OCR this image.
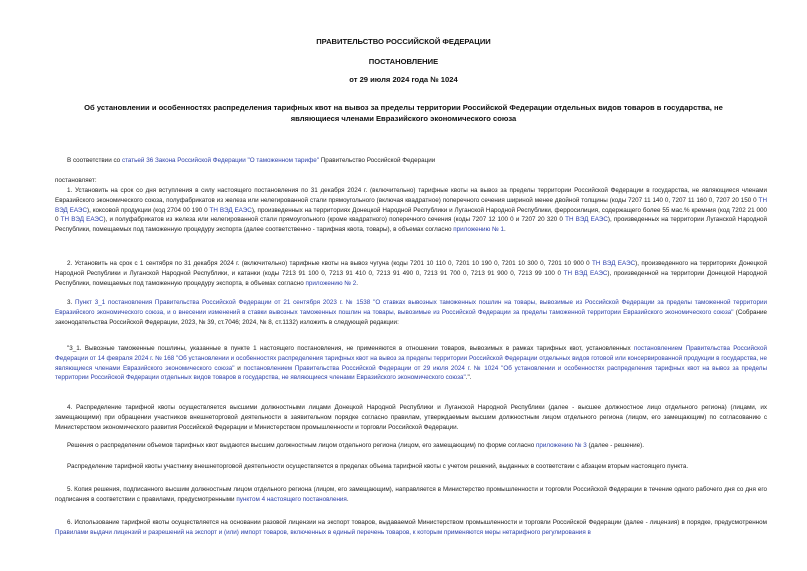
ПРАВИТЕЛЬСТВО РОССИЙСКОЙ ФЕДЕРАЦИИ
ПОСТАНОВЛЕНИЕ
от 29 июля 2024 года № 1024
Об установлении и особенностях распределения тарифных квот на вывоз за пределы территории Российской Федерации отдельных видов товаров в государства, не являющиеся членами Евразийского экономического союза
В соответствии со статьей 36 Закона Российской Федерации "О таможенном тарифе" Правительство Российской Федерации
постановляет:
1. Установить на срок со дня вступления в силу настоящего постановления по 31 декабря 2024 г. (включительно) тарифные квоты на вывоз за пределы территории Российской Федерации в государства, не являющиеся членами Евразийского экономического союза, полуфабрикатов из железа или нелегированной стали прямоугольного (включая квадратное) поперечного сечения шириной менее двойной толщины (коды 7207 11 140 0, 7207 11 160 0, 7207 20 150 0 ТН ВЭД ЕАЭС), коксовой продукции (код 2704 00 190 0 ТН ВЭД ЕАЭС), произведенных на территориях Донецкой Народной Республики и Луганской Народной Республики, ферросилиция, содержащего более 55 мас.% кремния (код 7202 21 000 0 ТН ВЭД ЕАЭС), и полуфабрикатов из железа или нелегированной стали прямоугольного (кроме квадратного) поперечного сечения (коды 7207 12 100 0 и 7207 20 320 0 ТН ВЭД ЕАЭС), произведенных на территории Луганской Народной Республики, помещаемых под таможенную процедуру экспорта (далее соответственно - тарифная квота, товары), в объемах согласно приложению № 1.
2. Установить на срок с 1 сентября по 31 декабря 2024 г. (включительно) тарифные квоты на вывоз чугуна (коды 7201 10 110 0, 7201 10 190 0, 7201 10 300 0, 7201 10 900 0 ТН ВЭД ЕАЭС), произведенного на территориях Донецкой Народной Республики и Луганской Народной Республики, и катанки (коды 7213 91 100 0, 7213 91 410 0, 7213 91 490 0, 7213 91 700 0, 7213 91 900 0, 7213 99 100 0 ТН ВЭД ЕАЭС), произведенной на территории Донецкой Народной Республики, помещаемых под таможенную процедуру экспорта, в объемах согласно приложению № 2.
3. Пункт 3_1 постановления Правительства Российской Федерации от 21 сентября 2023 г. № 1538 "О ставках вывозных таможенных пошлин на товары, вывозимые из Российской Федерации за пределы таможенной территории Евразийского экономического союза, и о внесении изменений в ставки вывозных таможенных пошлин на товары, вывозимые из Российской Федерации за пределы таможенной территории Евразийского экономического союза" (Собрание законодательства Российской Федерации, 2023, № 39, ст.7046; 2024, № 8, ст.1132) изложить в следующей редакции:
"3_1. Вывозные таможенные пошлины, указанные в пункте 1 настоящего постановления, не применяются в отношении товаров, вывозимых в рамках тарифных квот, установленных постановлением Правительства Российской Федерации от 14 февраля 2024 г. № 168 "Об установлении и особенностях распределения тарифных квот на вывоз за пределы территории Российской Федерации отдельных видов готовой или консервированной продукции в государства, не являющиеся членами Евразийского экономического союза" и постановлением Правительства Российской Федерации от 29 июля 2024 г. № 1024 "Об установлении и особенностях распределения тарифных квот на вывоз за пределы территории Российской Федерации отдельных видов товаров в государства, не являющиеся членами Евразийского экономического союза".".
4. Распределение тарифной квоты осуществляется высшими должностными лицами Донецкой Народной Республики и Луганской Народной Республики (далее - высшее должностное лицо отдельного региона) (лицами, их замещающими) при обращении участников внешнеторговой деятельности в заявительном порядке согласно правилам, утверждаемым высшим должностным лицом отдельного региона (лицом, его замещающим) по согласованию с Министерством экономического развития Российской Федерации и Министерством промышленности и торговли Российской Федерации.
Решения о распределении объемов тарифных квот выдаются высшим должностным лицом отдельного региона (лицом, его замещающим) по форме согласно приложению № 3 (далее - решение).
Распределение тарифной квоты участнику внешнеторговой деятельности осуществляется в пределах объема тарифной квоты с учетом решений, выданных в соответствии с абзацем вторым настоящего пункта.
5. Копия решения, подписанного высшим должностным лицом отдельного региона (лицом, его замещающим), направляется в Министерство промышленности и торговли Российской Федерации в течение одного рабочего дня со дня его подписания в соответствии с правилами, предусмотренными пунктом 4 настоящего постановления.
6. Использование тарифной квоты осуществляется на основании разовой лицензии на экспорт товаров, выдаваемой Министерством промышленности и торговли Российской Федерации (далее - лицензия) в порядке, предусмотренном Правилами выдачи лицензий и разрешений на экспорт и (или) импорт товаров, включенных в единый перечень товаров, к которым применяются меры нетарифного регулирования в
